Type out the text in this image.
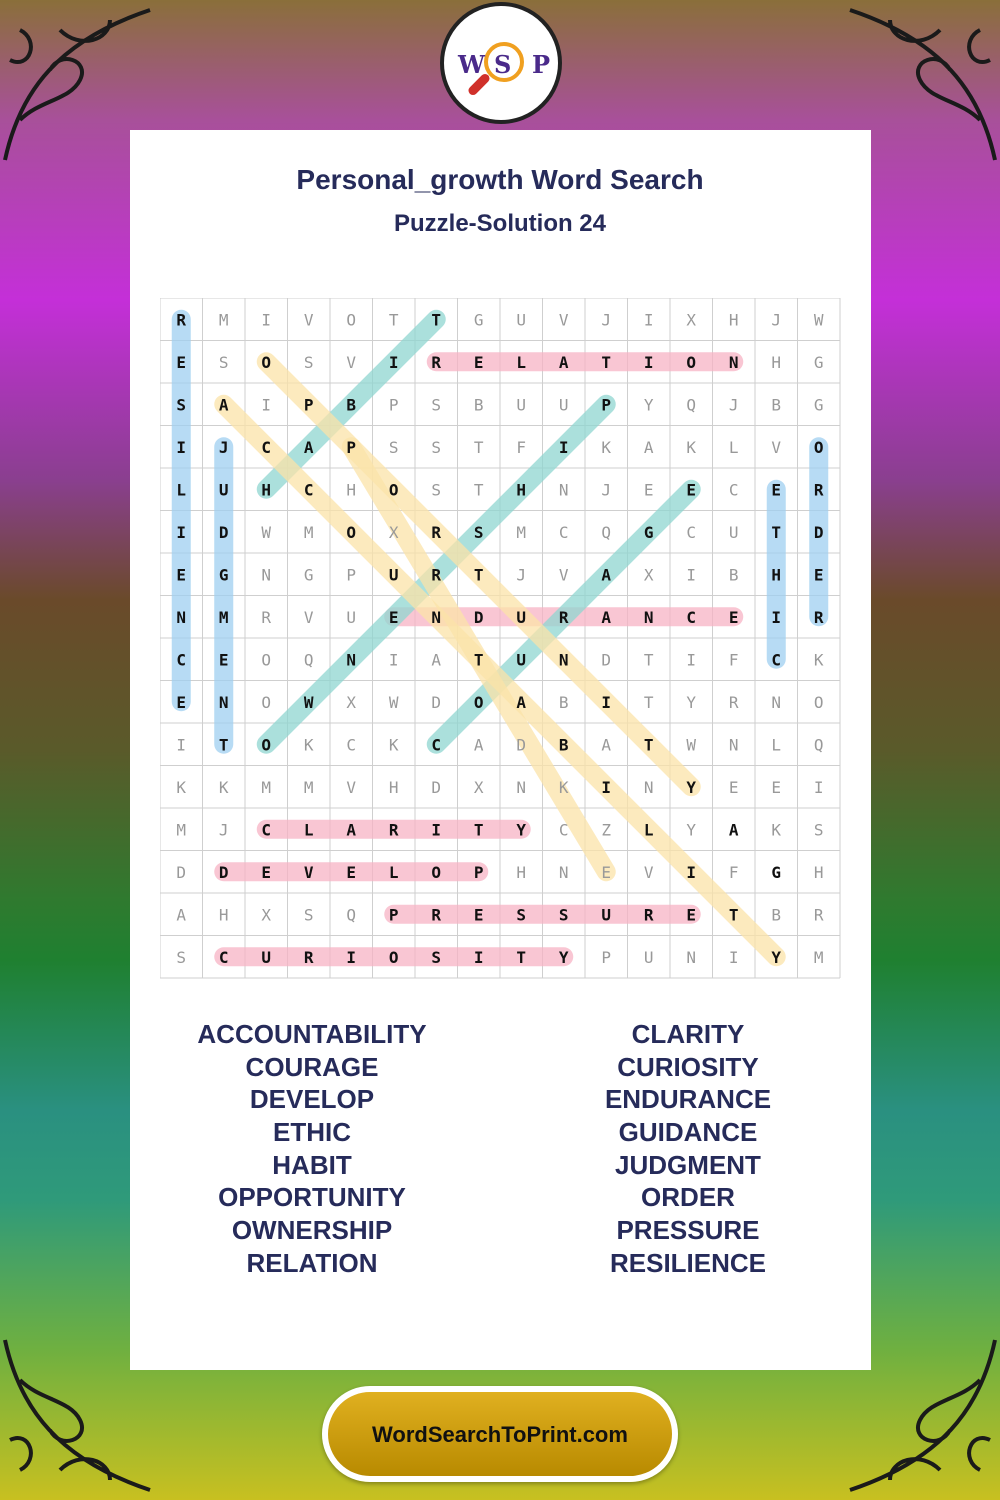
W S P
Personal_growth Word Search
Puzzle-Solution 24
R M I V O T T G U V J I X H J W
E S O S V I R E L A T I O N H G
S A I P B P S B U U P Y Q J B G
I J C A P S S T F I K A K L V O
L U H C H O S T H N J E E C E R
I D W M O X R S M C Q G C U T D
E G N G P U R T J V A X I B H E
N M R V U E N D U R A N C E I R
C E O Q N I A T U N D T I F C K
E N O W X W D O A B I T Y R N O
I T O K C K C A D B A T W N L Q
K K M M V H D X N K I N Y E E I
M J C L A R I T Y C Z L Y A K S
D D E V E L O P H N E V I F G H
A H X S Q P R E S S U R E T B R
S C U R I O S I T Y P U N I Y M
ACCOUNTABILITY
COURAGE
DEVELOP
ETHIC
HABIT
OPPORTUNITY
OWNERSHIP
RELATION
CLARITY
CURIOSITY
ENDURANCE
GUIDANCE
JUDGMENT
ORDER
PRESSURE
RESILIENCE
WordSearchToPrint.com
